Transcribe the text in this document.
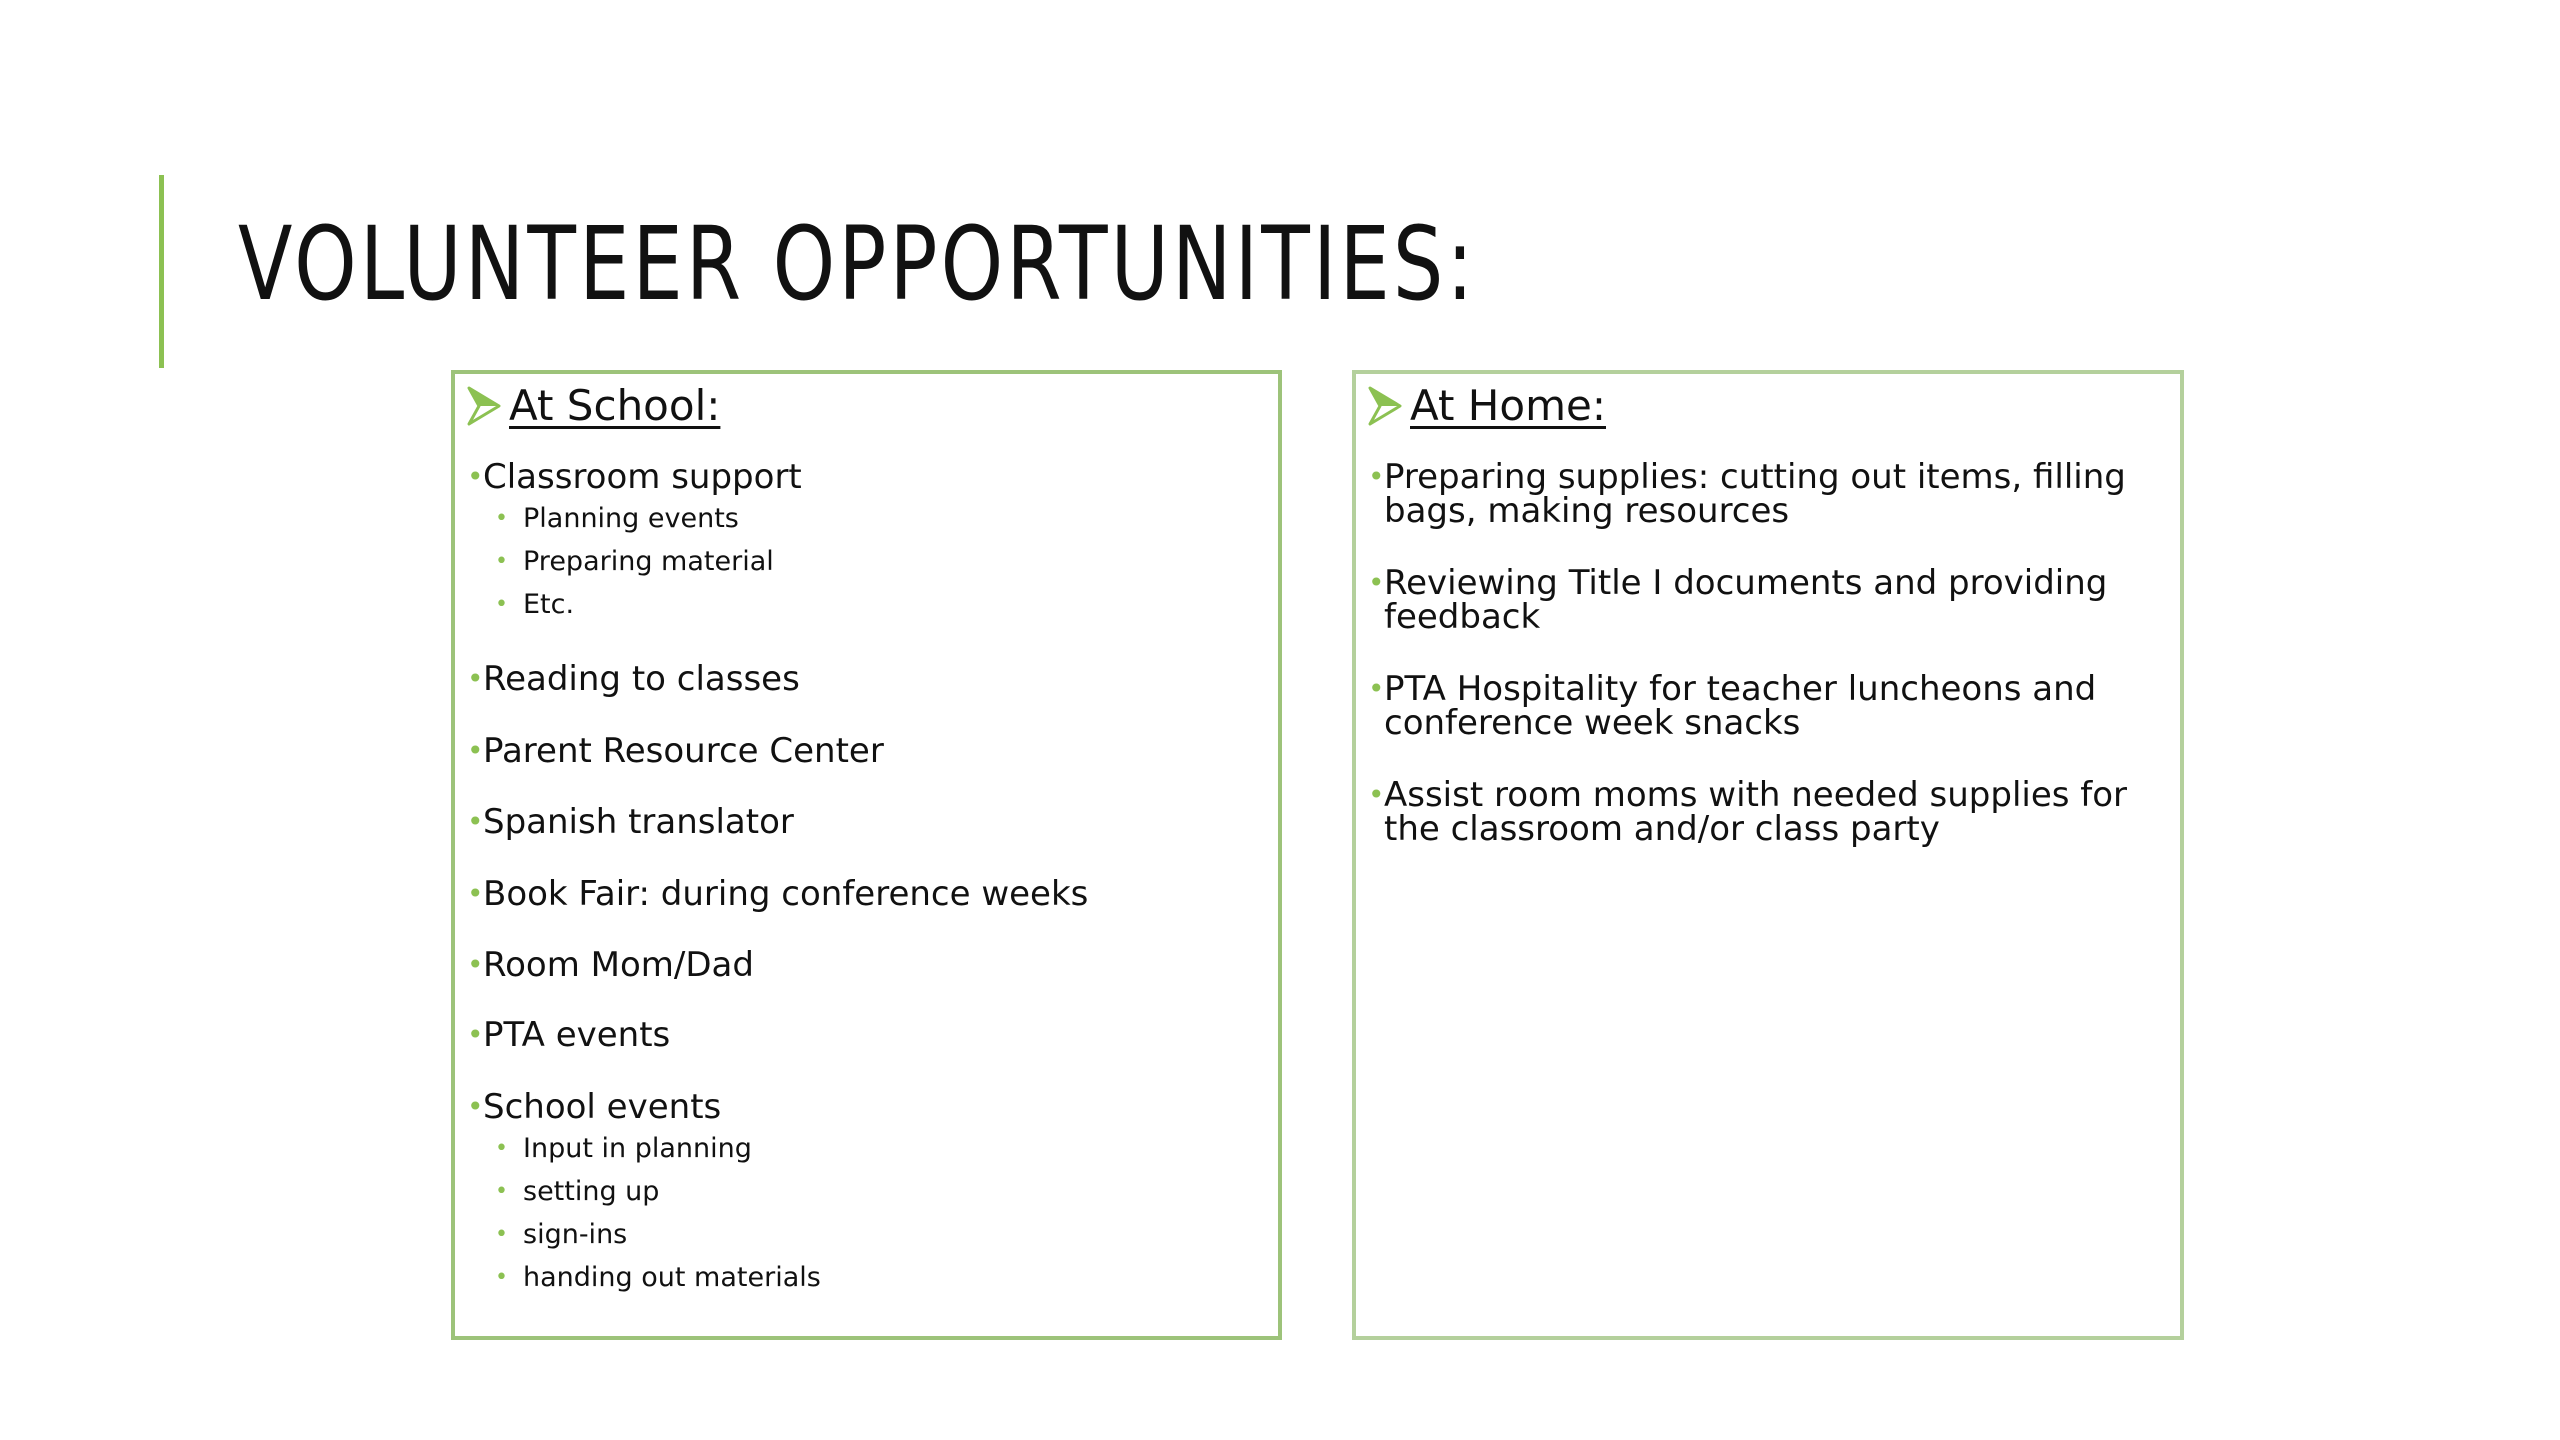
VOLUNTEER OPPORTUNITIES:
At School:
• Classroom support
• Planning events
• Preparing material
• Etc.
• Reading to classes
• Parent Resource Center
• Spanish translator
• Book Fair: during conference weeks
• Room Mom/Dad
• PTA events
• School events
• Input in planning
• setting up
• sign-ins
• handing out materials
At Home:
• Preparing supplies: cutting out items, filling bags, making resources
• Reviewing Title I documents and providing feedback
• PTA Hospitality for teacher luncheons and conference week snacks
• Assist room moms with needed supplies for the classroom and/or class party
